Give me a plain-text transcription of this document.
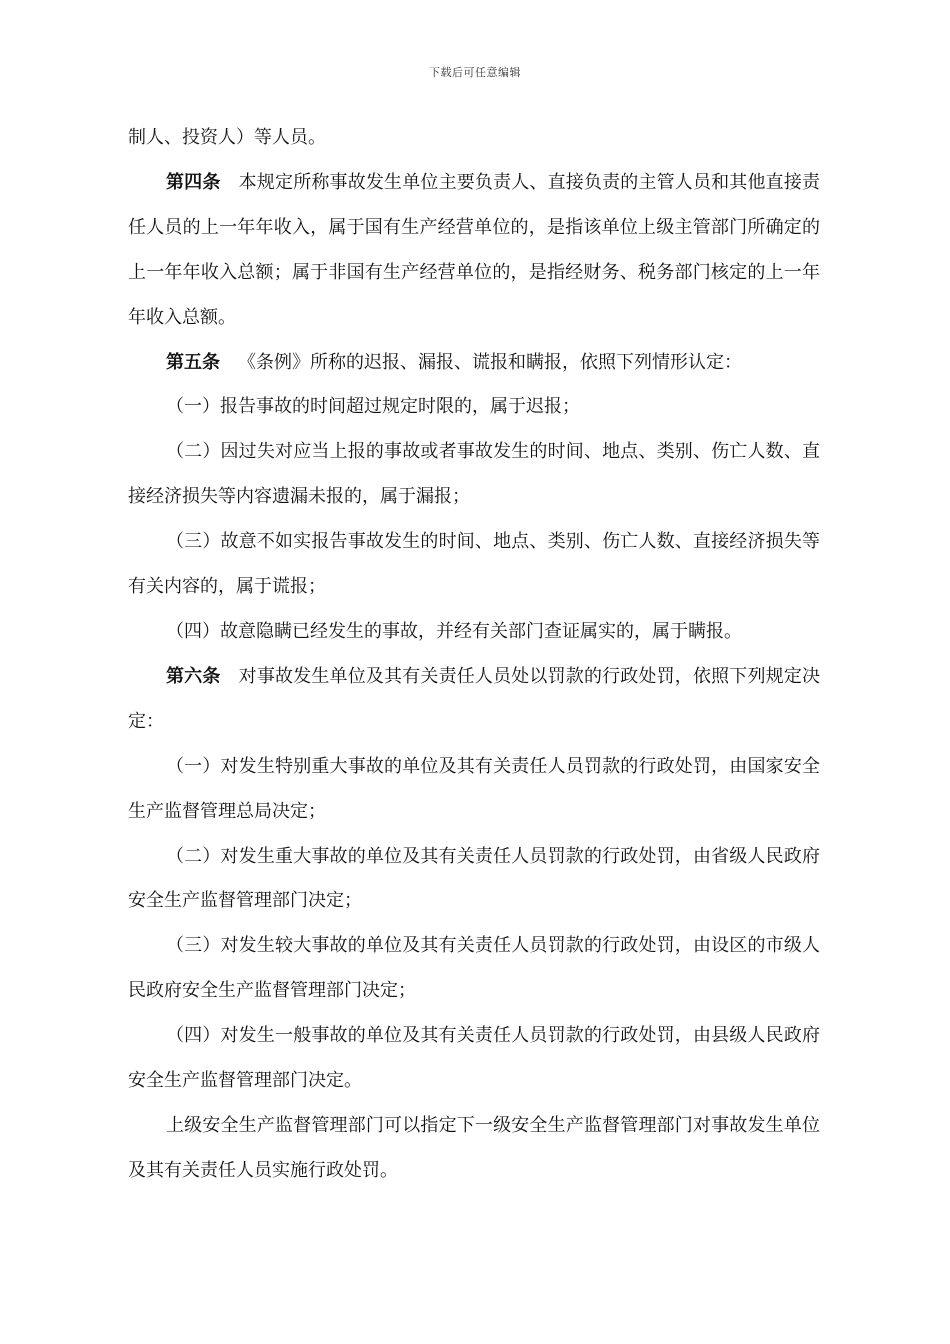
下载后可任意编辑

制人、投资人）等人员。

第四条 本规定所称事故发生单位主要负责人、直接负责的主管人员和其他直接责任人员的上一年年收入，属于国有生产经营单位的，是指该单位上级主管部门所确定的上一年年收入总额；属于非国有生产经营单位的，是指经财务、税务部门核定的上一年年收入总额。

第五条 《条例》所称的迟报、漏报、谎报和瞒报，依照下列情形认定：

（一）报告事故的时间超过规定时限的，属于迟报；

（二）因过失对应当上报的事故或者事故发生的时间、地点、类别、伤亡人数、直接经济损失等内容遗漏未报的，属于漏报；

（三）故意不如实报告事故发生的时间、地点、类别、伤亡人数、直接经济损失等有关内容的，属于谎报；

（四）故意隐瞒已经发生的事故，并经有关部门查证属实的，属于瞒报。

第六条 对事故发生单位及其有关责任人员处以罚款的行政处罚，依照下列规定决定：

（一）对发生特别重大事故的单位及其有关责任人员罚款的行政处罚，由国家安全生产监督管理总局决定；

（二）对发生重大事故的单位及其有关责任人员罚款的行政处罚，由省级人民政府安全生产监督管理部门决定；

（三）对发生较大事故的单位及其有关责任人员罚款的行政处罚，由设区的市级人民政府安全生产监督管理部门决定；

（四）对发生一般事故的单位及其有关责任人员罚款的行政处罚，由县级人民政府安全生产监督管理部门决定。

上级安全生产监督管理部门可以指定下一级安全生产监督管理部门对事故发生单位及其有关责任人员实施行政处罚。
